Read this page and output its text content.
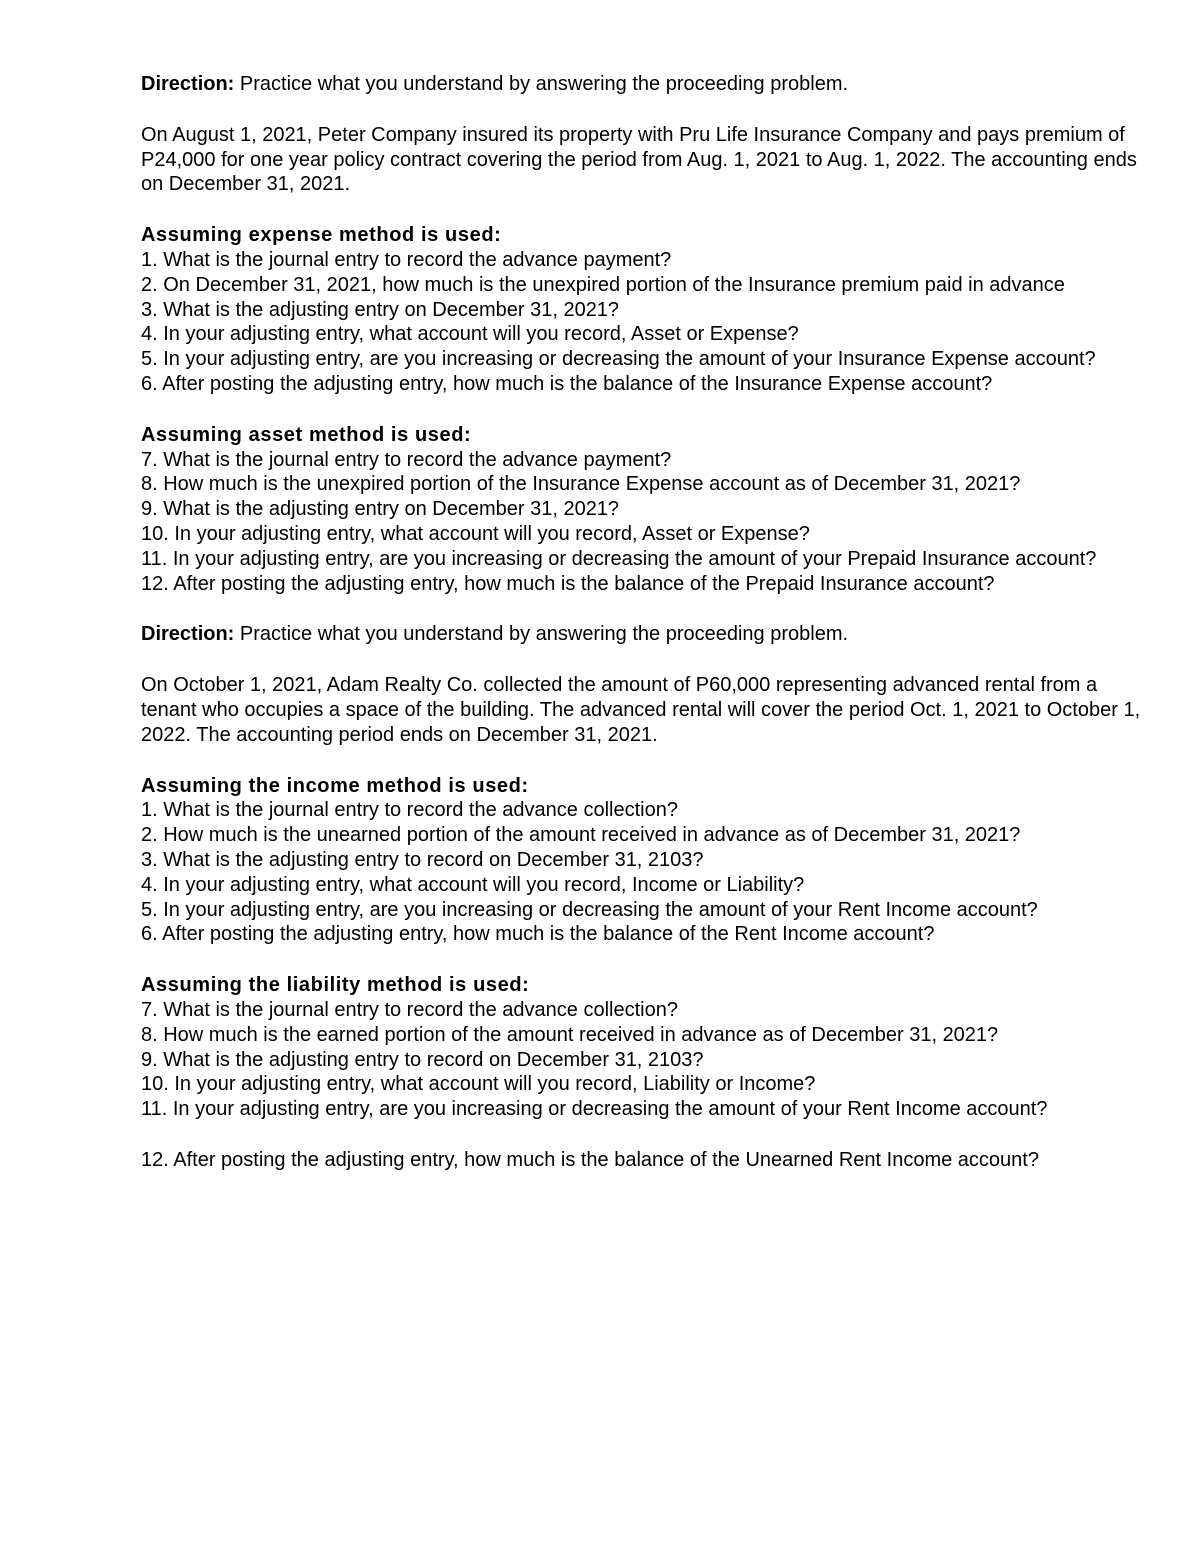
Direction: Practice what you understand by answering the proceeding problem.

On August 1, 2021, Peter Company insured its property with Pru Life Insurance Company and pays premium of P24,000 for one year policy contract covering the period from Aug. 1, 2021 to Aug. 1, 2022. The accounting ends on December 31, 2021.

Assuming expense method is used:

1. What is the journal entry to record the advance payment?

2. On December 31, 2021, how much is the unexpired portion of the Insurance premium paid in advance

3. What is the adjusting entry on December 31, 2021?

4. In your adjusting entry, what account will you record, Asset or Expense?

5. In your adjusting entry, are you increasing or decreasing the amount of your Insurance Expense account?

6. After posting the adjusting entry, how much is the balance of the Insurance Expense account?

Assuming asset method is used:

7. What is the journal entry to record the advance payment?

8. How much is the unexpired portion of the Insurance Expense account as of December 31, 2021?

9. What is the adjusting entry on December 31, 2021?

10. In your adjusting entry, what account will you record, Asset or Expense?

11. In your adjusting entry, are you increasing or decreasing the amount of your Prepaid Insurance account?

12. After posting the adjusting entry, how much is the balance of the Prepaid Insurance account?

Direction: Practice what you understand by answering the proceeding problem.

On October 1, 2021, Adam Realty Co. collected the amount of P60,000 representing advanced rental from a tenant who occupies a space of the building. The advanced rental will cover the period Oct. 1, 2021 to October 1, 2022. The accounting period ends on December 31, 2021.

Assuming the income method is used:

1. What is the journal entry to record the advance collection?

2. How much is the unearned portion of the amount received in advance as of December 31, 2021?

3. What is the adjusting entry to record on December 31, 2103?

4. In your adjusting entry, what account will you record, Income or Liability?

5. In your adjusting entry, are you increasing or decreasing the amount of your Rent Income account?

6. After posting the adjusting entry, how much is the balance of the Rent Income account?

Assuming the liability method is used:

7. What is the journal entry to record the advance collection?

8. How much is the earned portion of the amount received in advance as of December 31, 2021?

9. What is the adjusting entry to record on December 31, 2103?

10. In your adjusting entry, what account will you record, Liability or Income?

11. In your adjusting entry, are you increasing or decreasing the amount of your Rent Income account?

12. After posting the adjusting entry, how much is the balance of the Unearned Rent Income account?
